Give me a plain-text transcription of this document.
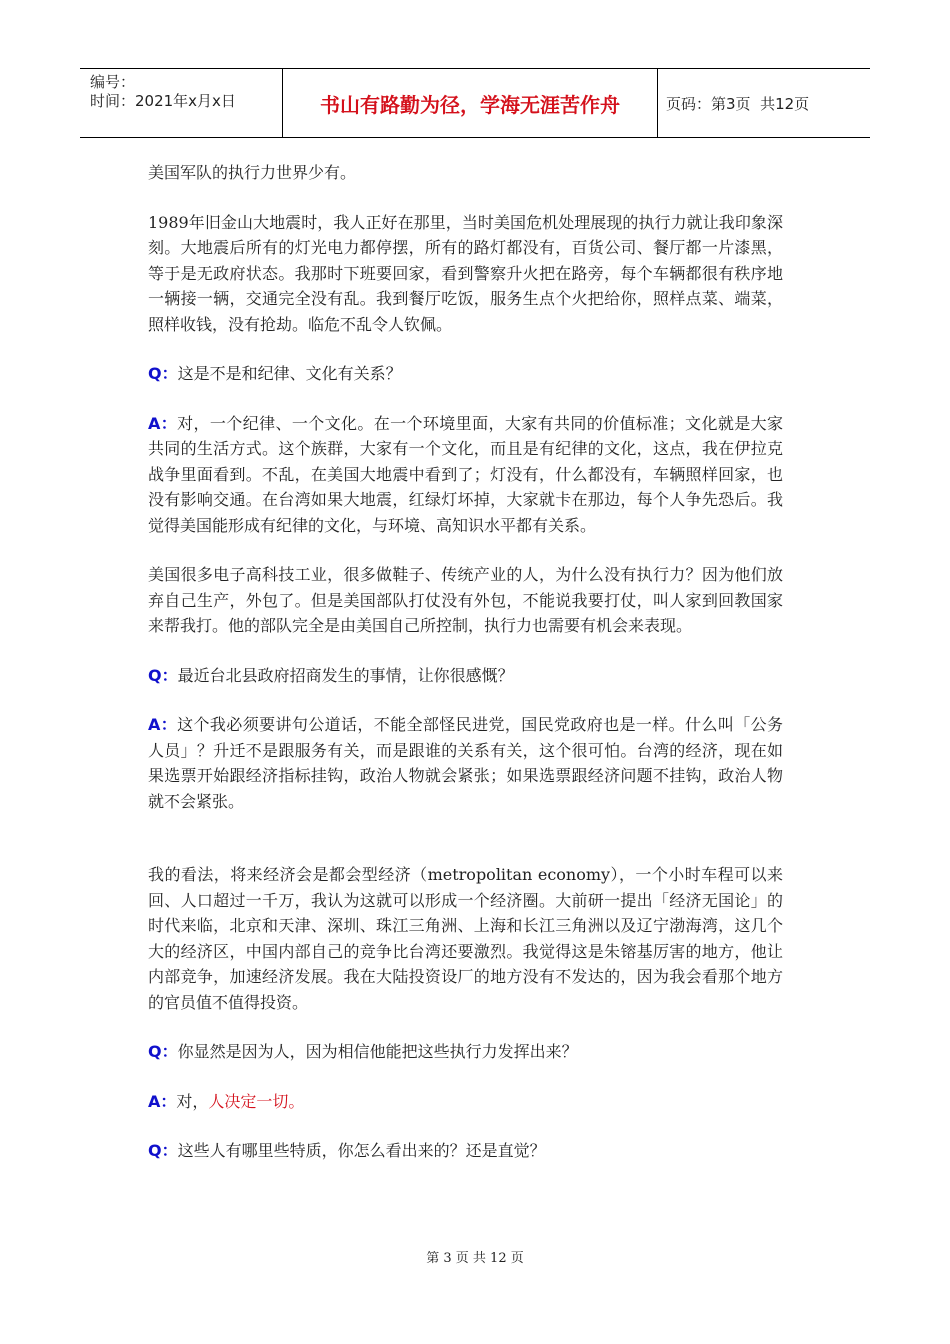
编号：
时间：2021年x月x日	书山有路勤为径，学海无涯苦作舟	页码：第3页  共12页

美国军队的执行力世界少有。

1989年旧金山大地震时，我人正好在那里，当时美国危机处理展现的执行力就让我印象深刻。大地震后所有的灯光电力都停摆，所有的路灯都没有，百货公司、餐厅都一片漆黑，等于是无政府状态。我那时下班要回家，看到警察升火把在路旁，每个车辆都很有秩序地一辆接一辆，交通完全没有乱。我到餐厅吃饭，服务生点个火把给你，照样点菜、端菜，照样收钱，没有抢劫。临危不乱令人钦佩。

Q：这是不是和纪律、文化有关系？

A：对，一个纪律、一个文化。在一个环境里面，大家有共同的价值标准；文化就是大家共同的生活方式。这个族群，大家有一个文化，而且是有纪律的文化，这点，我在伊拉克战争里面看到。不乱，在美国大地震中看到了；灯没有，什么都没有，车辆照样回家，也没有影响交通。在台湾如果大地震，红绿灯坏掉，大家就卡在那边，每个人争先恐后。我觉得美国能形成有纪律的文化，与环境、高知识水平都有关系。

美国很多电子高科技工业，很多做鞋子、传统产业的人，为什么没有执行力？因为他们放弃自己生产，外包了。但是美国部队打仗没有外包，不能说我要打仗，叫人家到回教国家来帮我打。他的部队完全是由美国自己所控制，执行力也需要有机会来表现。

Q：最近台北县政府招商发生的事情，让你很感慨？

A：这个我必须要讲句公道话，不能全部怪民进党，国民党政府也是一样。什么叫「公务人员」？升迁不是跟服务有关，而是跟谁的关系有关，这个很可怕。台湾的经济，现在如果选票开始跟经济指标挂钩，政治人物就会紧张；如果选票跟经济问题不挂钩，政治人物就不会紧张。

我的看法，将来经济会是都会型经济（metropolitan economy），一个小时车程可以来回、人口超过一千万，我认为这就可以形成一个经济圈。大前研一提出「经济无国论」的时代来临，北京和天津、深圳、珠江三角洲、上海和长江三角洲以及辽宁渤海湾，这几个大的经济区，中国内部自己的竞争比台湾还要激烈。我觉得这是朱镕基厉害的地方，他让内部竞争，加速经济发展。我在大陆投资设厂的地方没有不发达的，因为我会看那个地方的官员值不值得投资。

Q：你显然是因为人，因为相信他能把这些执行力发挥出来？

A：对，人决定一切。

Q：这些人有哪里些特质，你怎么看出来的？还是直觉？

第 3 页 共 12 页
